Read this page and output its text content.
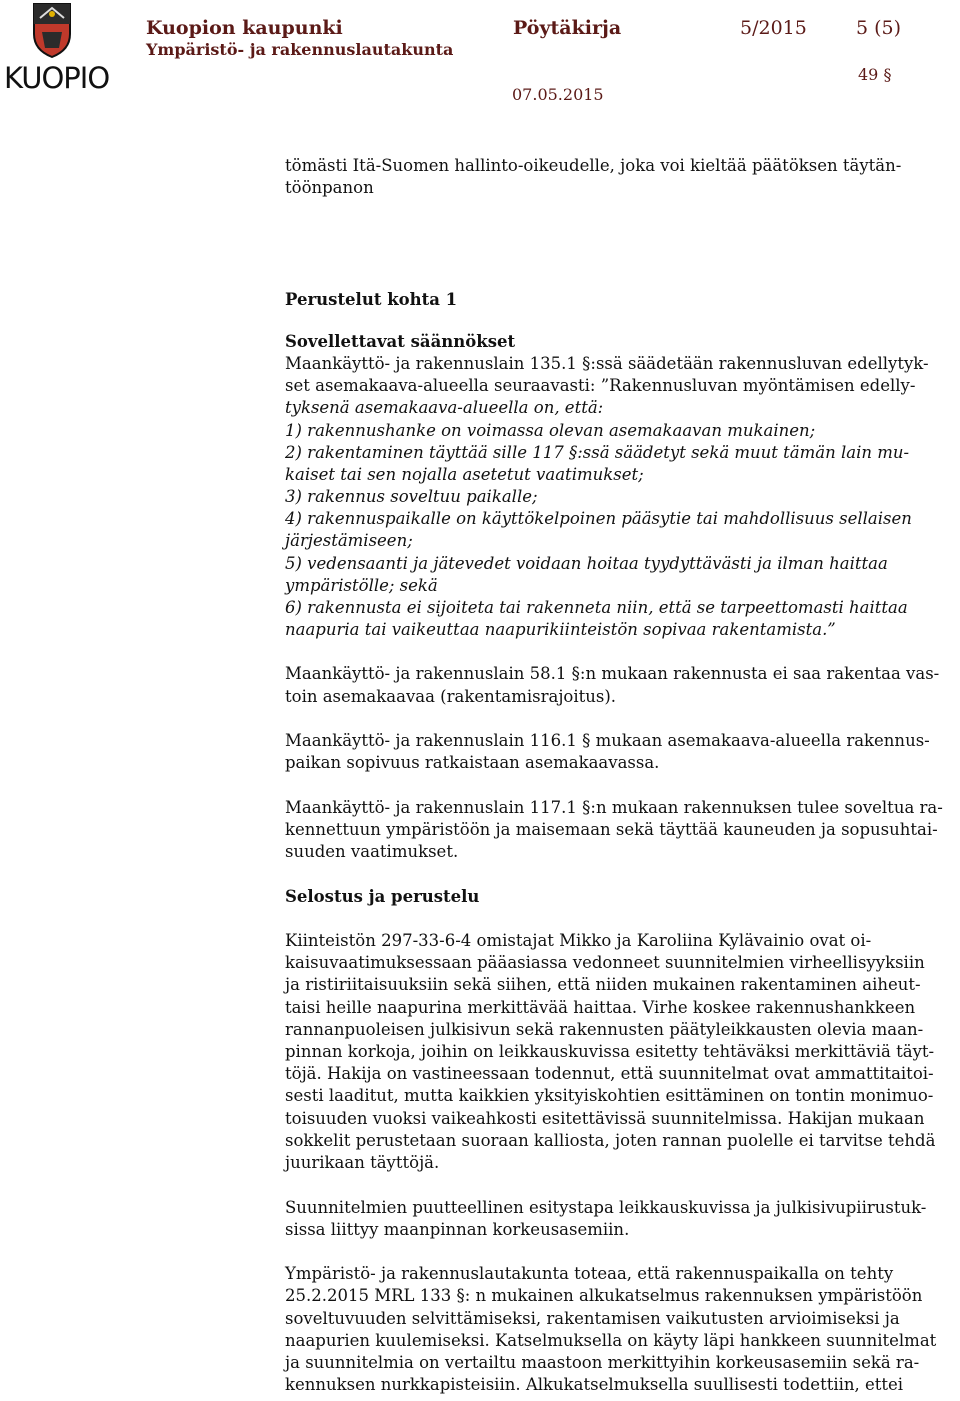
KUOPIO
Kuopion kaupunki
Ympäristö- ja rakennuslautakunta
Pöytäkirja	5/2015	5 (5)
49 §
07.05.2015
tömästi Itä-Suomen hallinto-oikeudelle, joka voi kieltää päätöksen täytän-
töönpanon
Perustelut kohta 1
Sovellettavat säännökset
Maankäyttö- ja rakennuslain 135.1 §:ssä säädetään rakennusluvan edellytyk-
set asemakaava-alueella seuraavasti: ”Rakennusluvan myöntämisen edelly-
tyksenä asemakaava-alueella on, että:
1) rakennushanke on voimassa olevan asemakaavan mukainen;
2) rakentaminen täyttää sille 117 §:ssä säädetyt sekä muut tämän lain mu-
kaiset tai sen nojalla asetetut vaatimukset;
3) rakennus soveltuu paikalle;
4) rakennuspaikalle on käyttökelpoinen pääsytie tai mahdollisuus sellaisen
järjestämiseen;
5) vedensaanti ja jätevedet voidaan hoitaa tyydyttävästi ja ilman haittaa
ympäristölle; sekä
6) rakennusta ei sijoiteta tai rakenneta niin, että se tarpeettomasti haittaa
naapuria tai vaikeuttaa naapurikiinteistön sopivaa rakentamista.”
Maankäyttö- ja rakennuslain 58.1 §:n mukaan rakennusta ei saa rakentaa vas-
toin asemakaavaa (rakentamisrajoitus).
Maankäyttö- ja rakennuslain 116.1 § mukaan asemakaava-alueella rakennus-
paikan sopivuus ratkaistaan asemakaavassa.
Maankäyttö- ja rakennuslain 117.1 §:n mukaan rakennuksen tulee soveltua ra-
kennettuun ympäristöön ja maisemaan sekä täyttää kauneuden ja sopusuhtai-
suuden vaatimukset.
Selostus ja perustelu
Kiinteistön 297-33-6-4 omistajat Mikko ja Karoliina Kylävainio ovat oi-
kaisuvaatimuksessaan pääasiassa vedonneet suunnitelmien virheellisyyksiin
ja ristiriitaisuuksiin sekä siihen, että niiden mukainen rakentaminen aiheut-
taisi heille naapurina merkittävää haittaa. Virhe koskee rakennushankkeen
rannanpuoleisen julkisivun sekä rakennusten päätyleikkausten olevia maan-
pinnan korkoja, joihin on leikkauskuvissa esitetty tehtäväksi merkittäviä täyt-
töjä. Hakija on vastineessaan todennut, että suunnitelmat ovat ammattitaitoi-
sesti laaditut, mutta kaikkien yksityiskohtien esittäminen on tontin monimuo-
toisuuden vuoksi vaikeahkosti esitettävissä suunnitelmissa. Hakijan mukaan
sokkelit perustetaan suoraan kalliosta, joten rannan puolelle ei tarvitse tehdä
juurikaan täyttöjä.
Suunnitelmien puutteellinen esitystapa leikkauskuvissa ja julkisivupiirustuk-
sissa liittyy maanpinnan korkeusasemiin.
Ympäristö- ja rakennuslautakunta toteaa, että rakennuspaikalla on tehty
25.2.2015 MRL 133 §: n mukainen alkukatselmus rakennuksen ympäristöön
soveltuvuuden selvittämiseksi, rakentamisen vaikutusten arvioimiseksi ja
naapurien kuulemiseksi. Katselmuksella on käyty läpi hankkeen suunnitelmat
ja suunnitelmia on vertailtu maastoon merkittyihin korkeusasemiin sekä ra-
kennuksen nurkkapisteisiin. Alkukatselmuksella suullisesti todettiin, ettei
